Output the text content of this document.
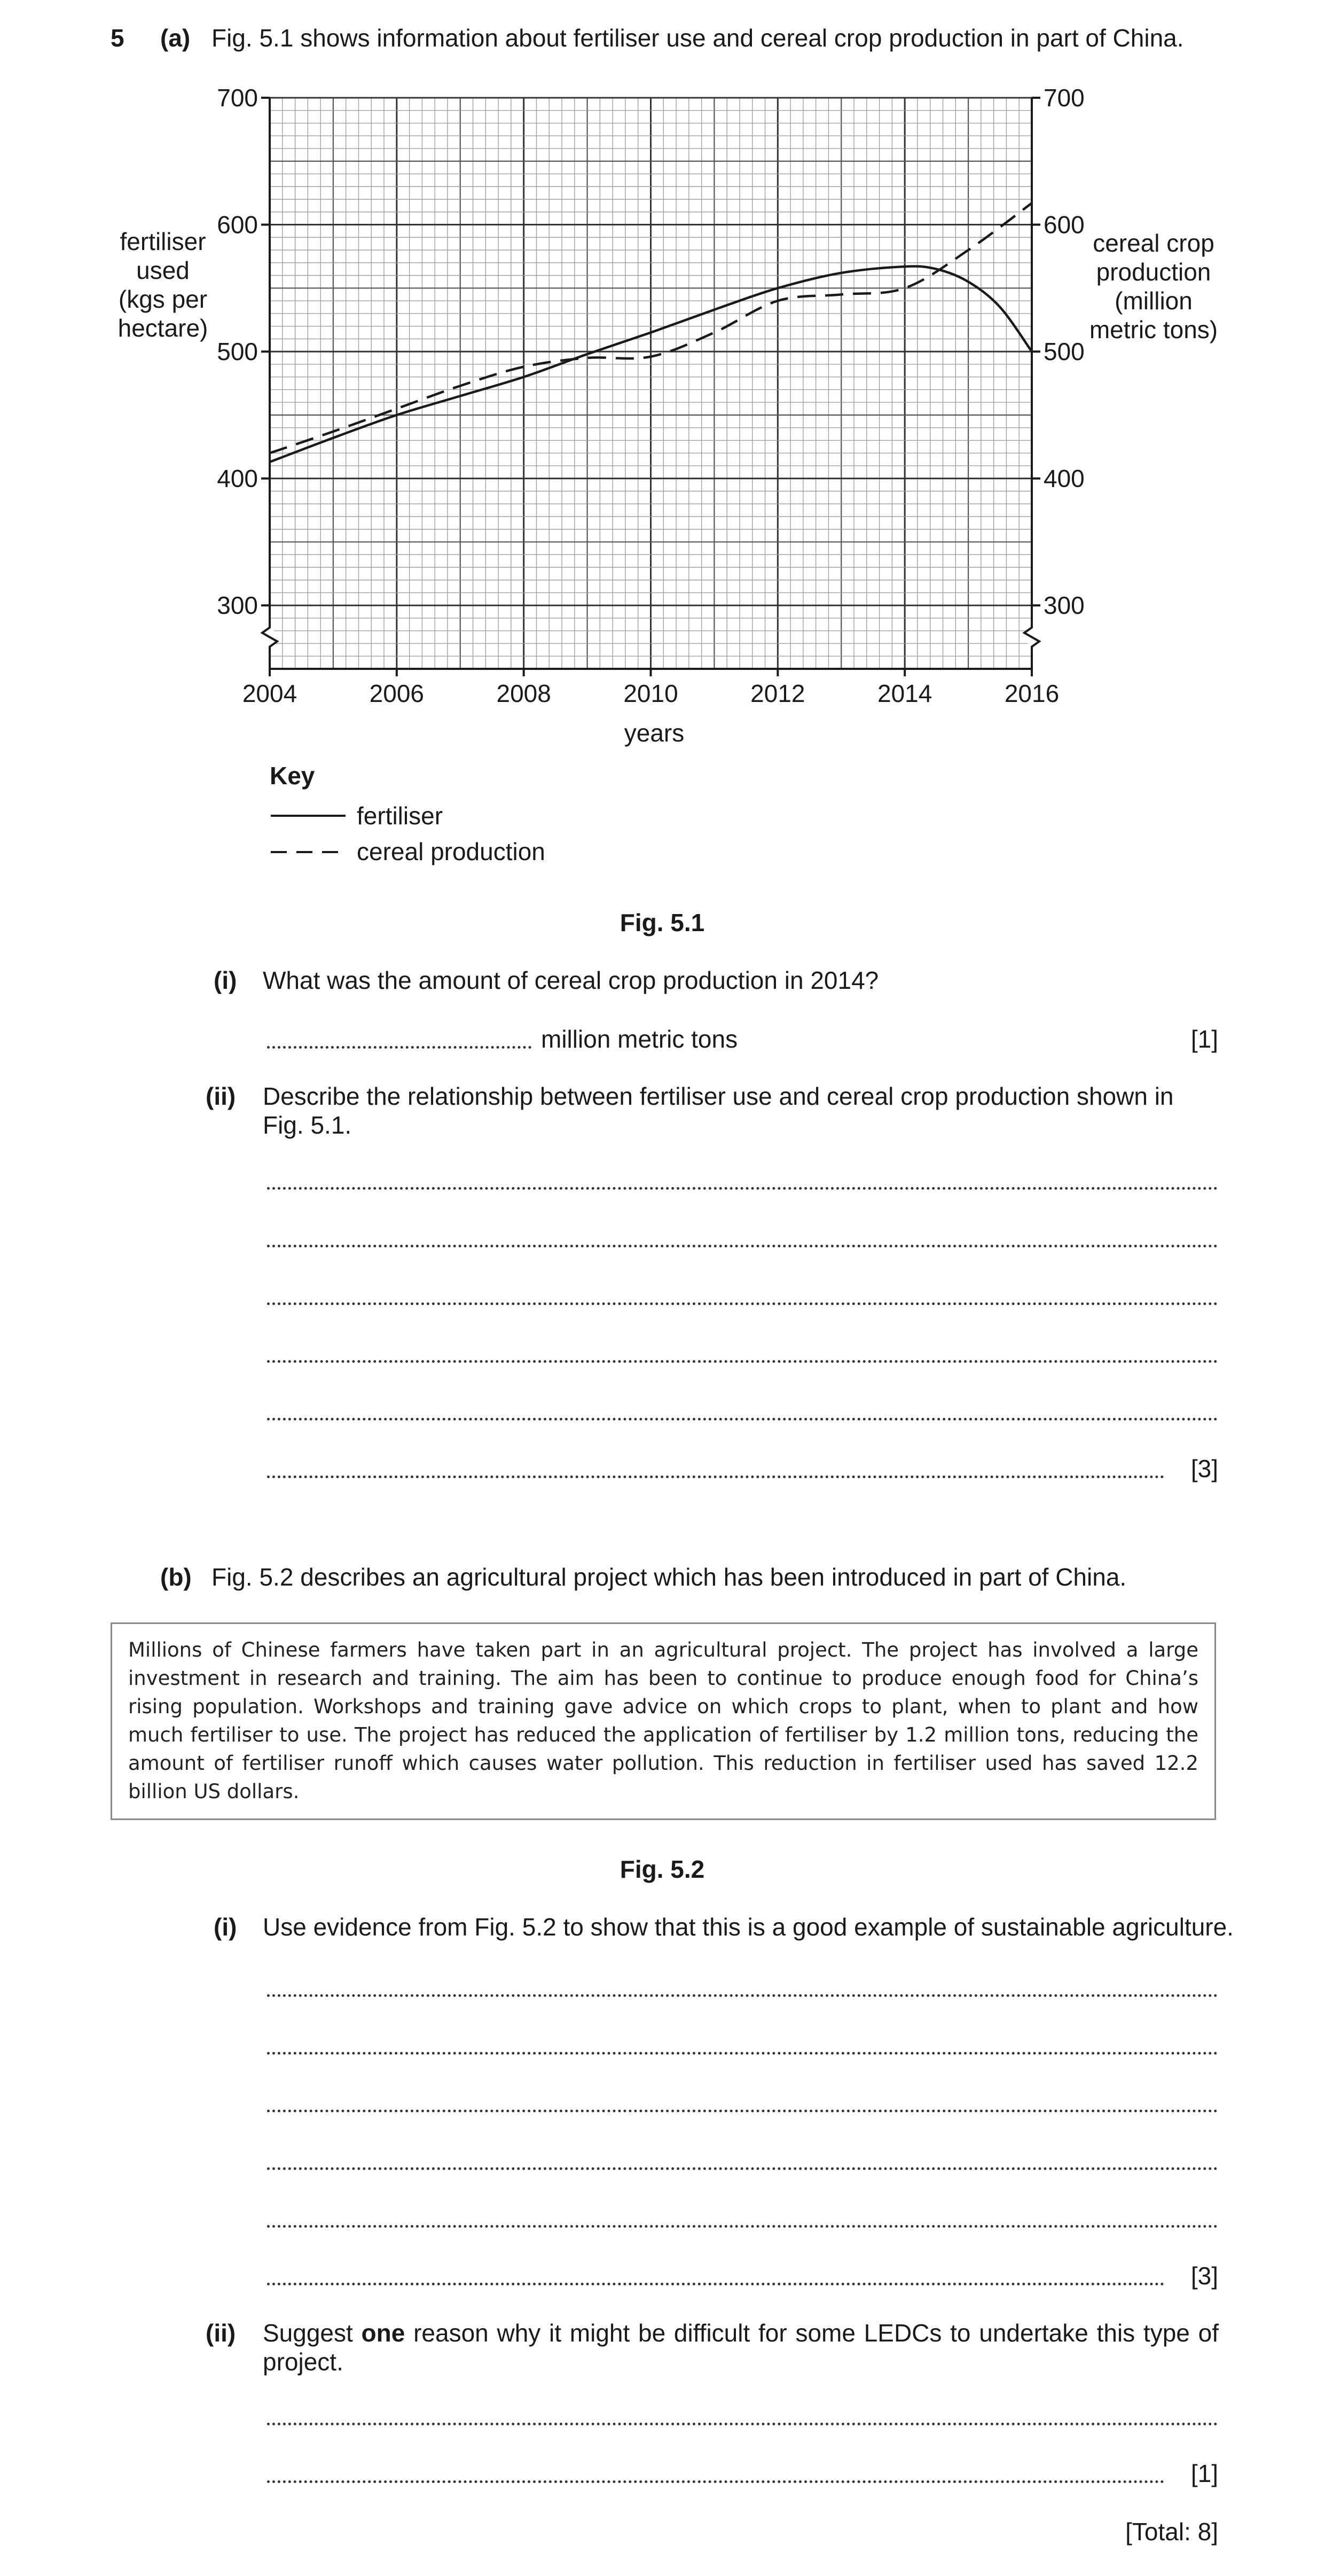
5 (a) Fig. 5.1 shows information about fertiliser use and cereal crop production in part of China.
300	300
400	400
500	500
600	600
700	700
2004	2006	2008	2010	2012	2014	2016
fertiliser
used
(kgs per
hectare)
cereal crop
production
(million
metric tons)
years
Key
fertiliser
cereal production
Fig. 5.1
(i) What was the amount of cereal crop production in 2014?
million metric tons	[1]
(ii) Describe the relationship between fertiliser use and cereal crop production shown in
Fig. 5.1.
[3]
(b) Fig. 5.2 describes an agricultural project which has been introduced in part of China.
Millions of Chinese farmers have taken part in an agricultural project. The project has involved a large investment in research and training. The aim has been to continue to produce enough food for China’s rising population. Workshops and training gave advice on which crops to plant, when to plant and how much fertiliser to use. The project has reduced the application of fertiliser by 1.2 million tons, reducing the amount of fertiliser runoff which causes water pollution. This reduction in fertiliser used has saved 12.2 billion US dollars.
Fig. 5.2
(i) Use evidence from Fig. 5.2 to show that this is a good example of sustainable agriculture.
[3]
(ii) Suggest one reason why it might be difficult for some LEDCs to undertake this type of
project.
[1]
[Total: 8]
